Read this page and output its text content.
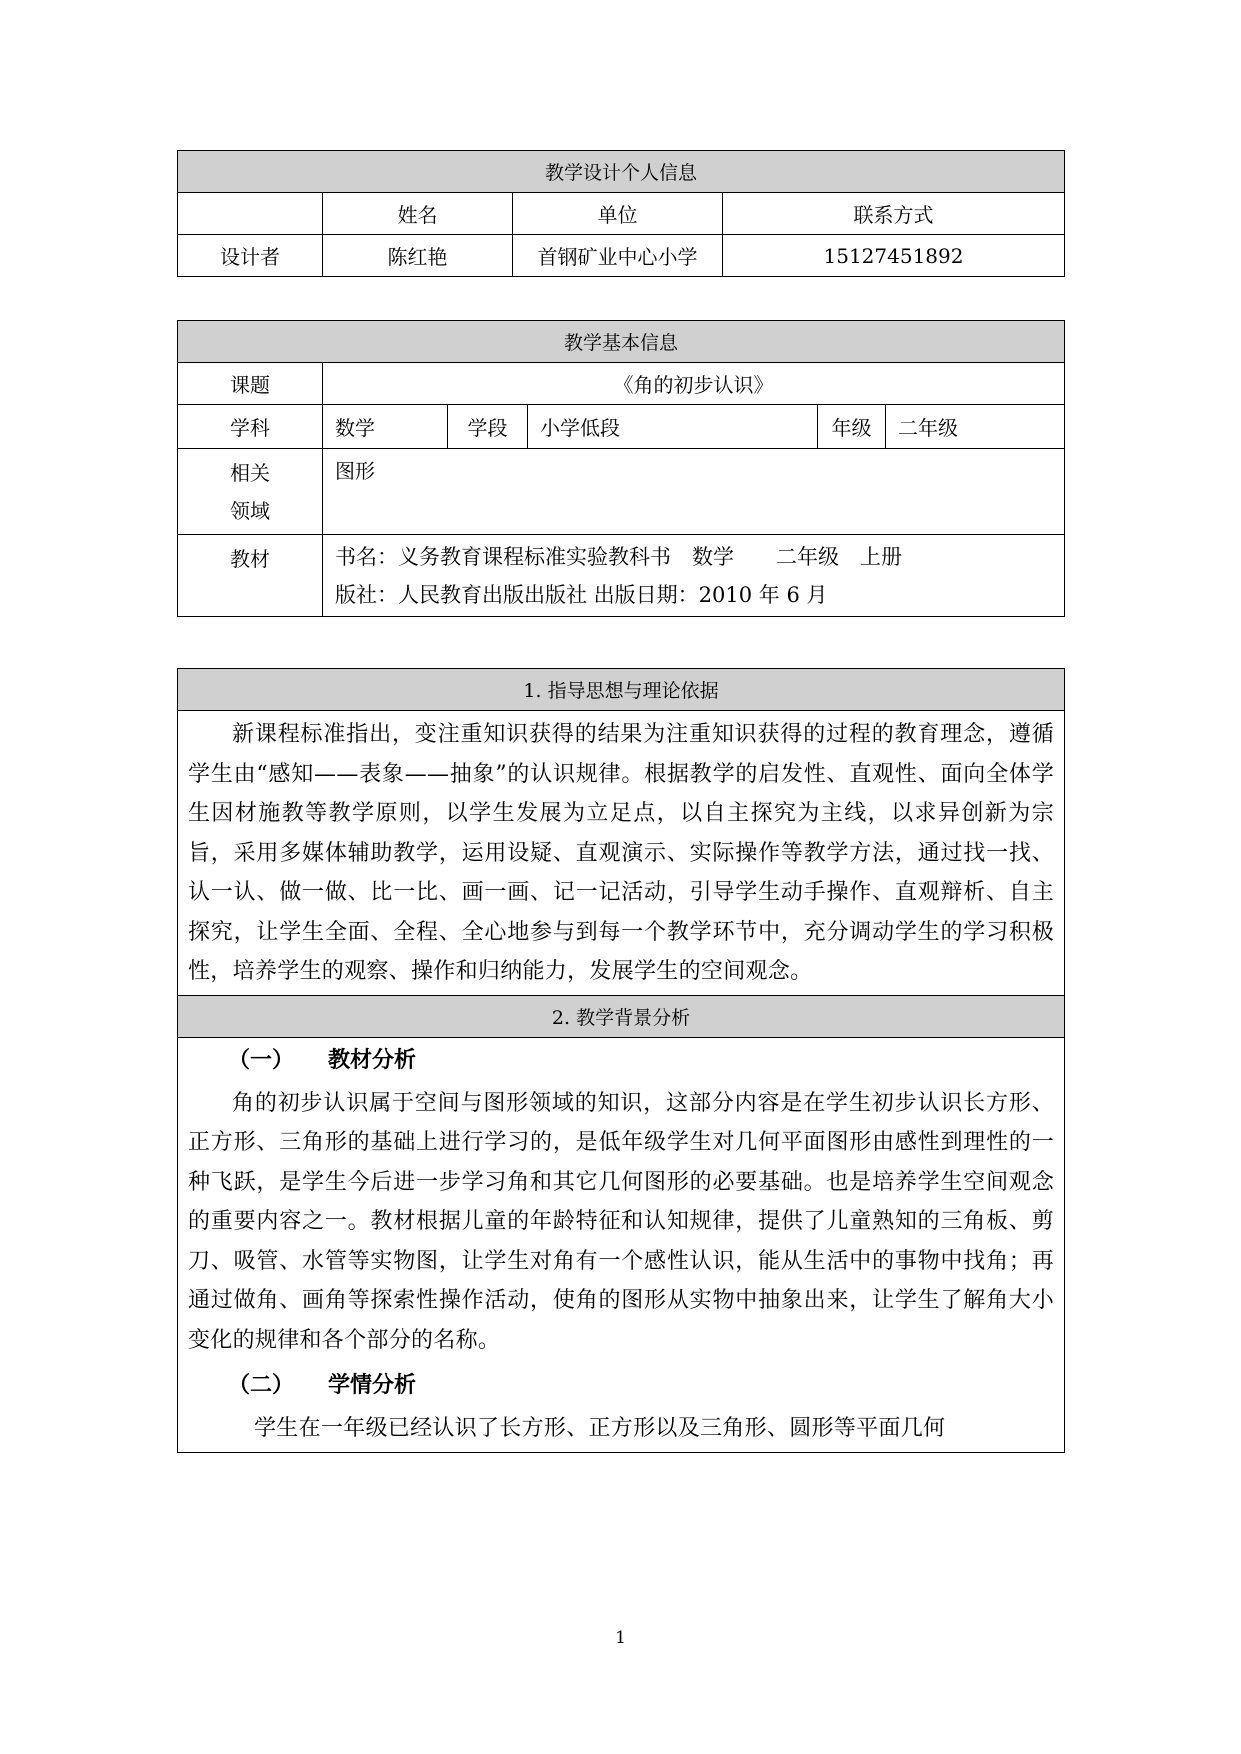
教学设计个人信息			
	姓名	单位	联系方式
设计者	陈红艳	首钢矿业中心小学	15127451892
教学基本信息					
课题	《角的初步认识》				
学科	数学	学段	小学低段	年级	二年级

相关
领域	图形				
教材	书名：义务教育课程标准实验教科书　数学　　二年级　上册
版社：人民教育出版出版社 出版日期：2010 年 6 月				
1. 指导思想与理论依据
新课程标准指出，变注重知识获得的结果为注重知识获得的过程的教育理念，遵循学生由“感知——表象——抽象”的认识规律。根据教学的启发性、直观性、面向全体学生因材施教等教学原则，以学生发展为立足点，以自主探究为主线，以求异创新为宗旨，采用多媒体辅助教学，运用设疑、直观演示、实际操作等教学方法，通过找一找、认一认、做一做、比一比、画一画、记一记活动，引导学生动手操作、直观辩析、自主探究，让学生全面、全程、全心地参与到每一个教学环节中，充分调动学生的学习积极性，培养学生的观察、操作和归纳能力，发展学生的空间观念。
2. 教学背景分析

（一） 教材分析
角的初步认识属于空间与图形领域的知识，这部分内容是在学生初步认识长方形、正方形、三角形的基础上进行学习的，是低年级学生对几何平面图形由感性到理性的一种飞跃，是学生今后进一步学习角和其它几何图形的必要基础。也是培养学生空间观念的重要内容之一。教材根据儿童的年龄特征和认知规律，提供了儿童熟知的三角板、剪刀、吸管、水管等实物图，让学生对角有一个感性认识，能从生活中的事物中找角；再通过做角、画角等探索性操作活动，使角的图形从实物中抽象出来，让学生了解角大小变化的规律和各个部分的名称。
（二） 学情分析
学生在一年级已经认识了长方形、正方形以及三角形、圆形等平面几何
1
